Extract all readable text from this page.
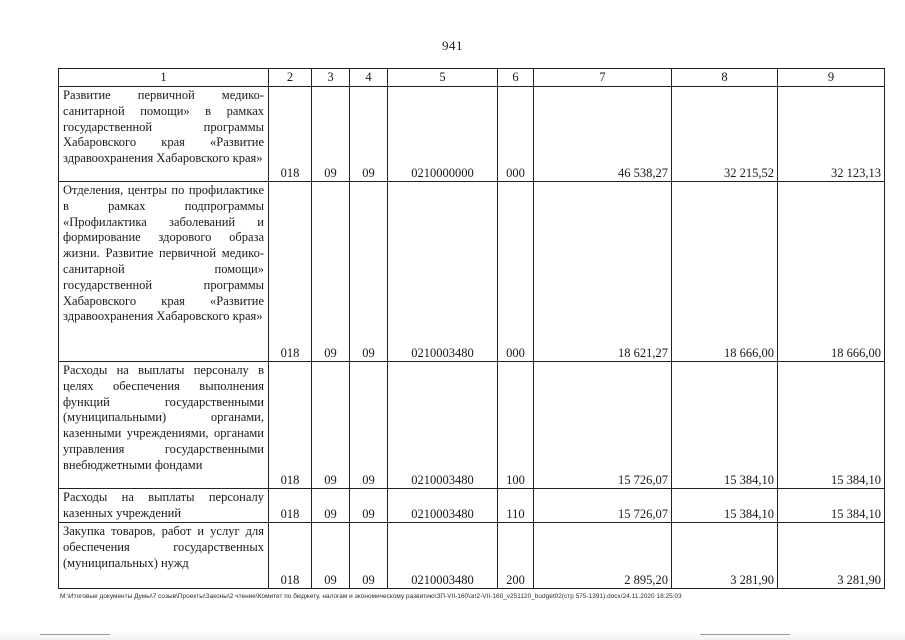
941
1	2	3	4	5	6	7	8	9
Развитие первичной медико-санитарной помощи» в рамках государственной программы Хабаровского края «Развитие здравоохранения Хабаровского края»	018	09	09	0210000000	000	46 538,27	32 215,52	32 123,13
Отделения, центры по профилактике в рамках подпрограммы «Профилактика заболеваний и формирование здорового образа жизни. Развитие первичной медико-санитарной помощи» государственной программы Хабаровского края «Развитие здравоохранения Хабаровского края»	018	09	09	0210003480	000	18 621,27	18 666,00	18 666,00
Расходы на выплаты персоналу в целях обеспечения выполнения функций государственными (муниципальными) органами, казенными учреждениями, органами управления государственными внебюджетными фондами	018	09	09	0210003480	100	15 726,07	15 384,10	15 384,10
Расходы на выплаты персоналу казенных учреждений	018	09	09	0210003480	110	15 726,07	15 384,10	15 384,10
Закупка товаров, работ и услуг для обеспечения государственных (муниципальных) нужд	018	09	09	0210003480	200	2 895,20	3 281,90	3 281,90
M:\Итоговые документы Думы\7 созыв\Проекты\Законы\2 чтение\Комитет по бюджету, налогам и экономическому развитию\ЗП-VII-160\зп2-VII-160_v251120_budget02(стр 575-1391).docx/24.11.2020 18:25:03
